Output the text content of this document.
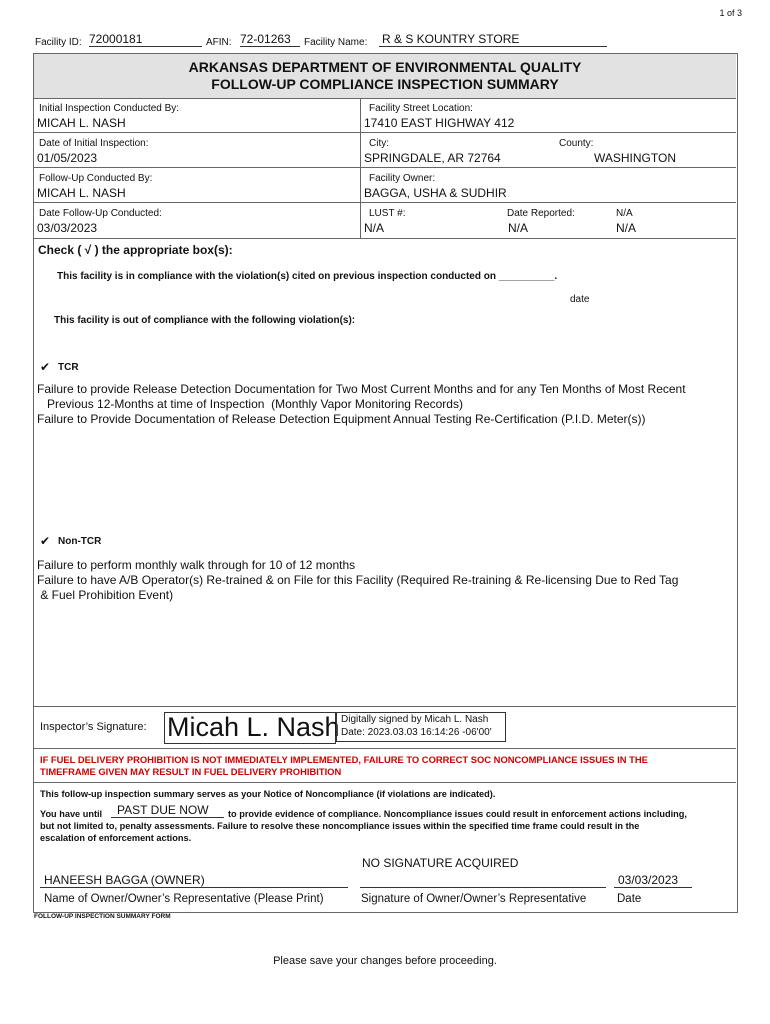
1 of 3
Facility ID: 72000181	AFIN: 72-01263	Facility Name: R & S KOUNTRY STORE
ARKANSAS DEPARTMENT OF ENVIRONMENTAL QUALITY
FOLLOW-UP COMPLIANCE INSPECTION SUMMARY
Initial Inspection Conducted By:
MICAH L. NASH
Facility Street Location:
17410 EAST HIGHWAY 412
Date of Initial Inspection:
01/05/2023
City:
SPRINGDALE, AR 72764
County:
WASHINGTON
Follow-Up Conducted By:
MICAH L. NASH
Facility Owner:
BAGGA, USHA & SUDHIR
Date Follow-Up Conducted:
03/03/2023
LUST #:
N/A
Date Reported:
N/A
N/A
N/A
Check ( √ ) the appropriate box(s):
This facility is in compliance with the violation(s) cited on previous inspection conducted on __________.
date
This facility is out of compliance with the following violation(s):
✔ TCR
Failure to provide Release Detection Documentation for Two Most Current Months and for any Ten Months of Most Recent
Previous 12-Months at time of Inspection  (Monthly Vapor Monitoring Records)
Failure to Provide Documentation of Release Detection Equipment Annual Testing Re-Certification (P.I.D. Meter(s))
✔ Non-TCR
Failure to perform monthly walk through for 10 of 12 months
Failure to have A/B Operator(s) Re-trained & on File for this Facility (Required Re-training & Re-licensing Due to Red Tag
& Fuel Prohibition Event)
Inspector’s Signature: Micah L. Nash Digitally signed by Micah L. Nash
Date: 2023.03.03 16:14:26 -06'00'
IF FUEL DELIVERY PROHIBITION IS NOT IMMEDIATELY IMPLEMENTED, FAILURE TO CORRECT SOC NONCOMPLIANCE ISSUES IN THE
TIMEFRAME GIVEN MAY RESULT IN FUEL DELIVERY PROHIBITION
This follow-up inspection summary serves as your Notice of Noncompliance (if violations are indicated).
You have until	PAST DUE NOW	to provide evidence of compliance. Noncompliance issues could result in enforcement actions including,
but not limited to, penalty assessments. Failure to resolve these noncompliance issues within the specified time frame could result in the
escalation of enforcement actions.
NO SIGNATURE ACQUIRED
HANEESH BAGGA (OWNER)	03/03/2023
Name of Owner/Owner’s Representative (Please Print)	Signature of Owner/Owner’s Representative	Date
FOLLOW-UP INSPECTION SUMMARY FORM
Please save your changes before proceeding.
